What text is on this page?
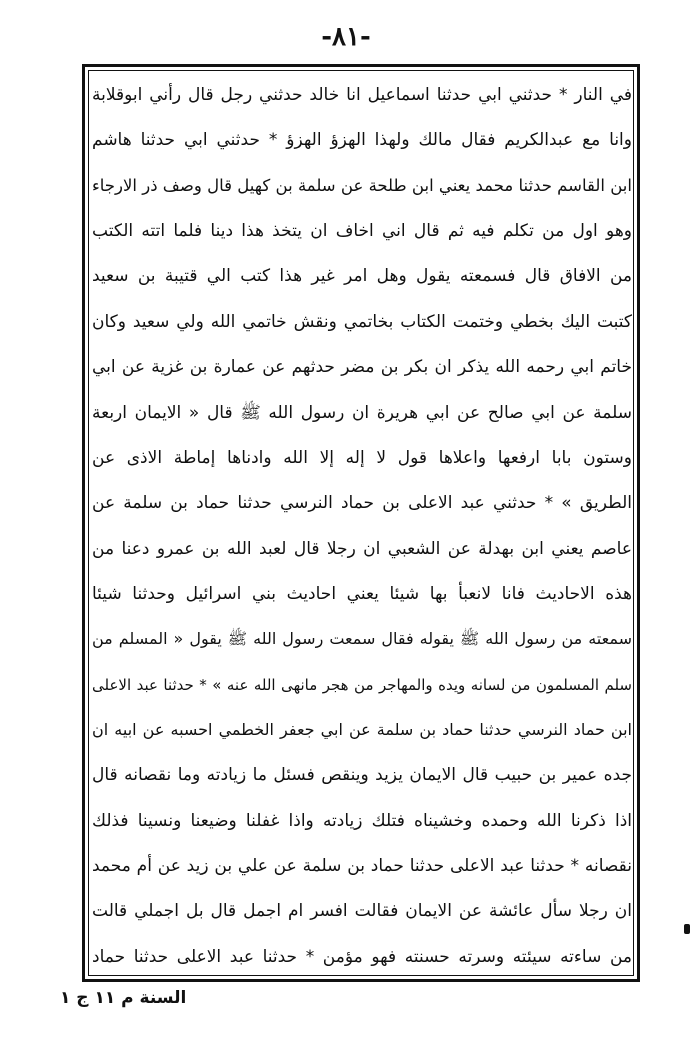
-٨١-
في النار * حدثني ابي حدثنا اسماعيل انا خالد حدثني رجل قال رأني ابوقلابة
وانا مع عبدالكريم فقال مالك ولهذا الهزؤ الهزؤ * حدثني ابي حدثنا هاشم
ابن القاسم حدثنا محمد يعني ابن طلحة عن سلمة بن كهيل قال وصف ذر الارجاء
وهو اول من تكلم فيه ثم قال اني اخاف ان يتخذ هذا دينا فلما اتته الكتب
من الافاق قال فسمعته يقول وهل امر غير هذا كتب الي قتيبة بن سعيد
كتبت اليك بخطي وختمت الكتاب بخاتمي ونقش خاتمي الله ولي سعيد وكان
خاتم ابي رحمه الله يذكر ان بكر بن مضر حدثهم عن عمارة بن غزية عن ابي
سلمة عن ابي صالح عن ابي هريرة ان رسول الله ﷺ قال « الايمان اربعة
وستون بابا ارفعها واعلاها قول لا إله إلا الله وادناها إماطة الاذى عن
الطريق » * حدثني عبد الاعلى بن حماد النرسي حدثنا حماد بن سلمة عن
عاصم يعني ابن بهدلة عن الشعبي ان رجلا قال لعبد الله بن عمرو دعنا من
هذه الاحاديث فانا لانعبأ بها شيئا يعني احاديث بني اسرائيل وحدثنا شيئا
سمعته من رسول الله ﷺ يقوله فقال سمعت رسول الله ﷺ يقول « المسلم من
سلم المسلمون من لسانه ويده والمهاجر من هجر مانهى الله عنه » * حدثنا عبد الاعلى
ابن حماد النرسي حدثنا حماد بن سلمة عن ابي جعفر الخطمي احسبه عن ابيه ان
جده عمير بن حبيب قال الايمان يزيد وينقص فسئل ما زيادته وما نقصانه قال
اذا ذكرنا الله وحمده وخشيناه فتلك زيادته واذا غفلنا وضيعنا ونسينا فذلك
نقصانه * حدثنا عبد الاعلى حدثنا حماد بن سلمة عن علي بن زيد عن أم محمد
ان رجلا سأل عائشة عن الايمان فقالت افسر ام اجمل قال بل اجملي قالت
من ساءته سيئته وسرته حسنته فهو مؤمن * حدثنا عبد الاعلى حدثنا حماد
السنة م ١١ ج ١
